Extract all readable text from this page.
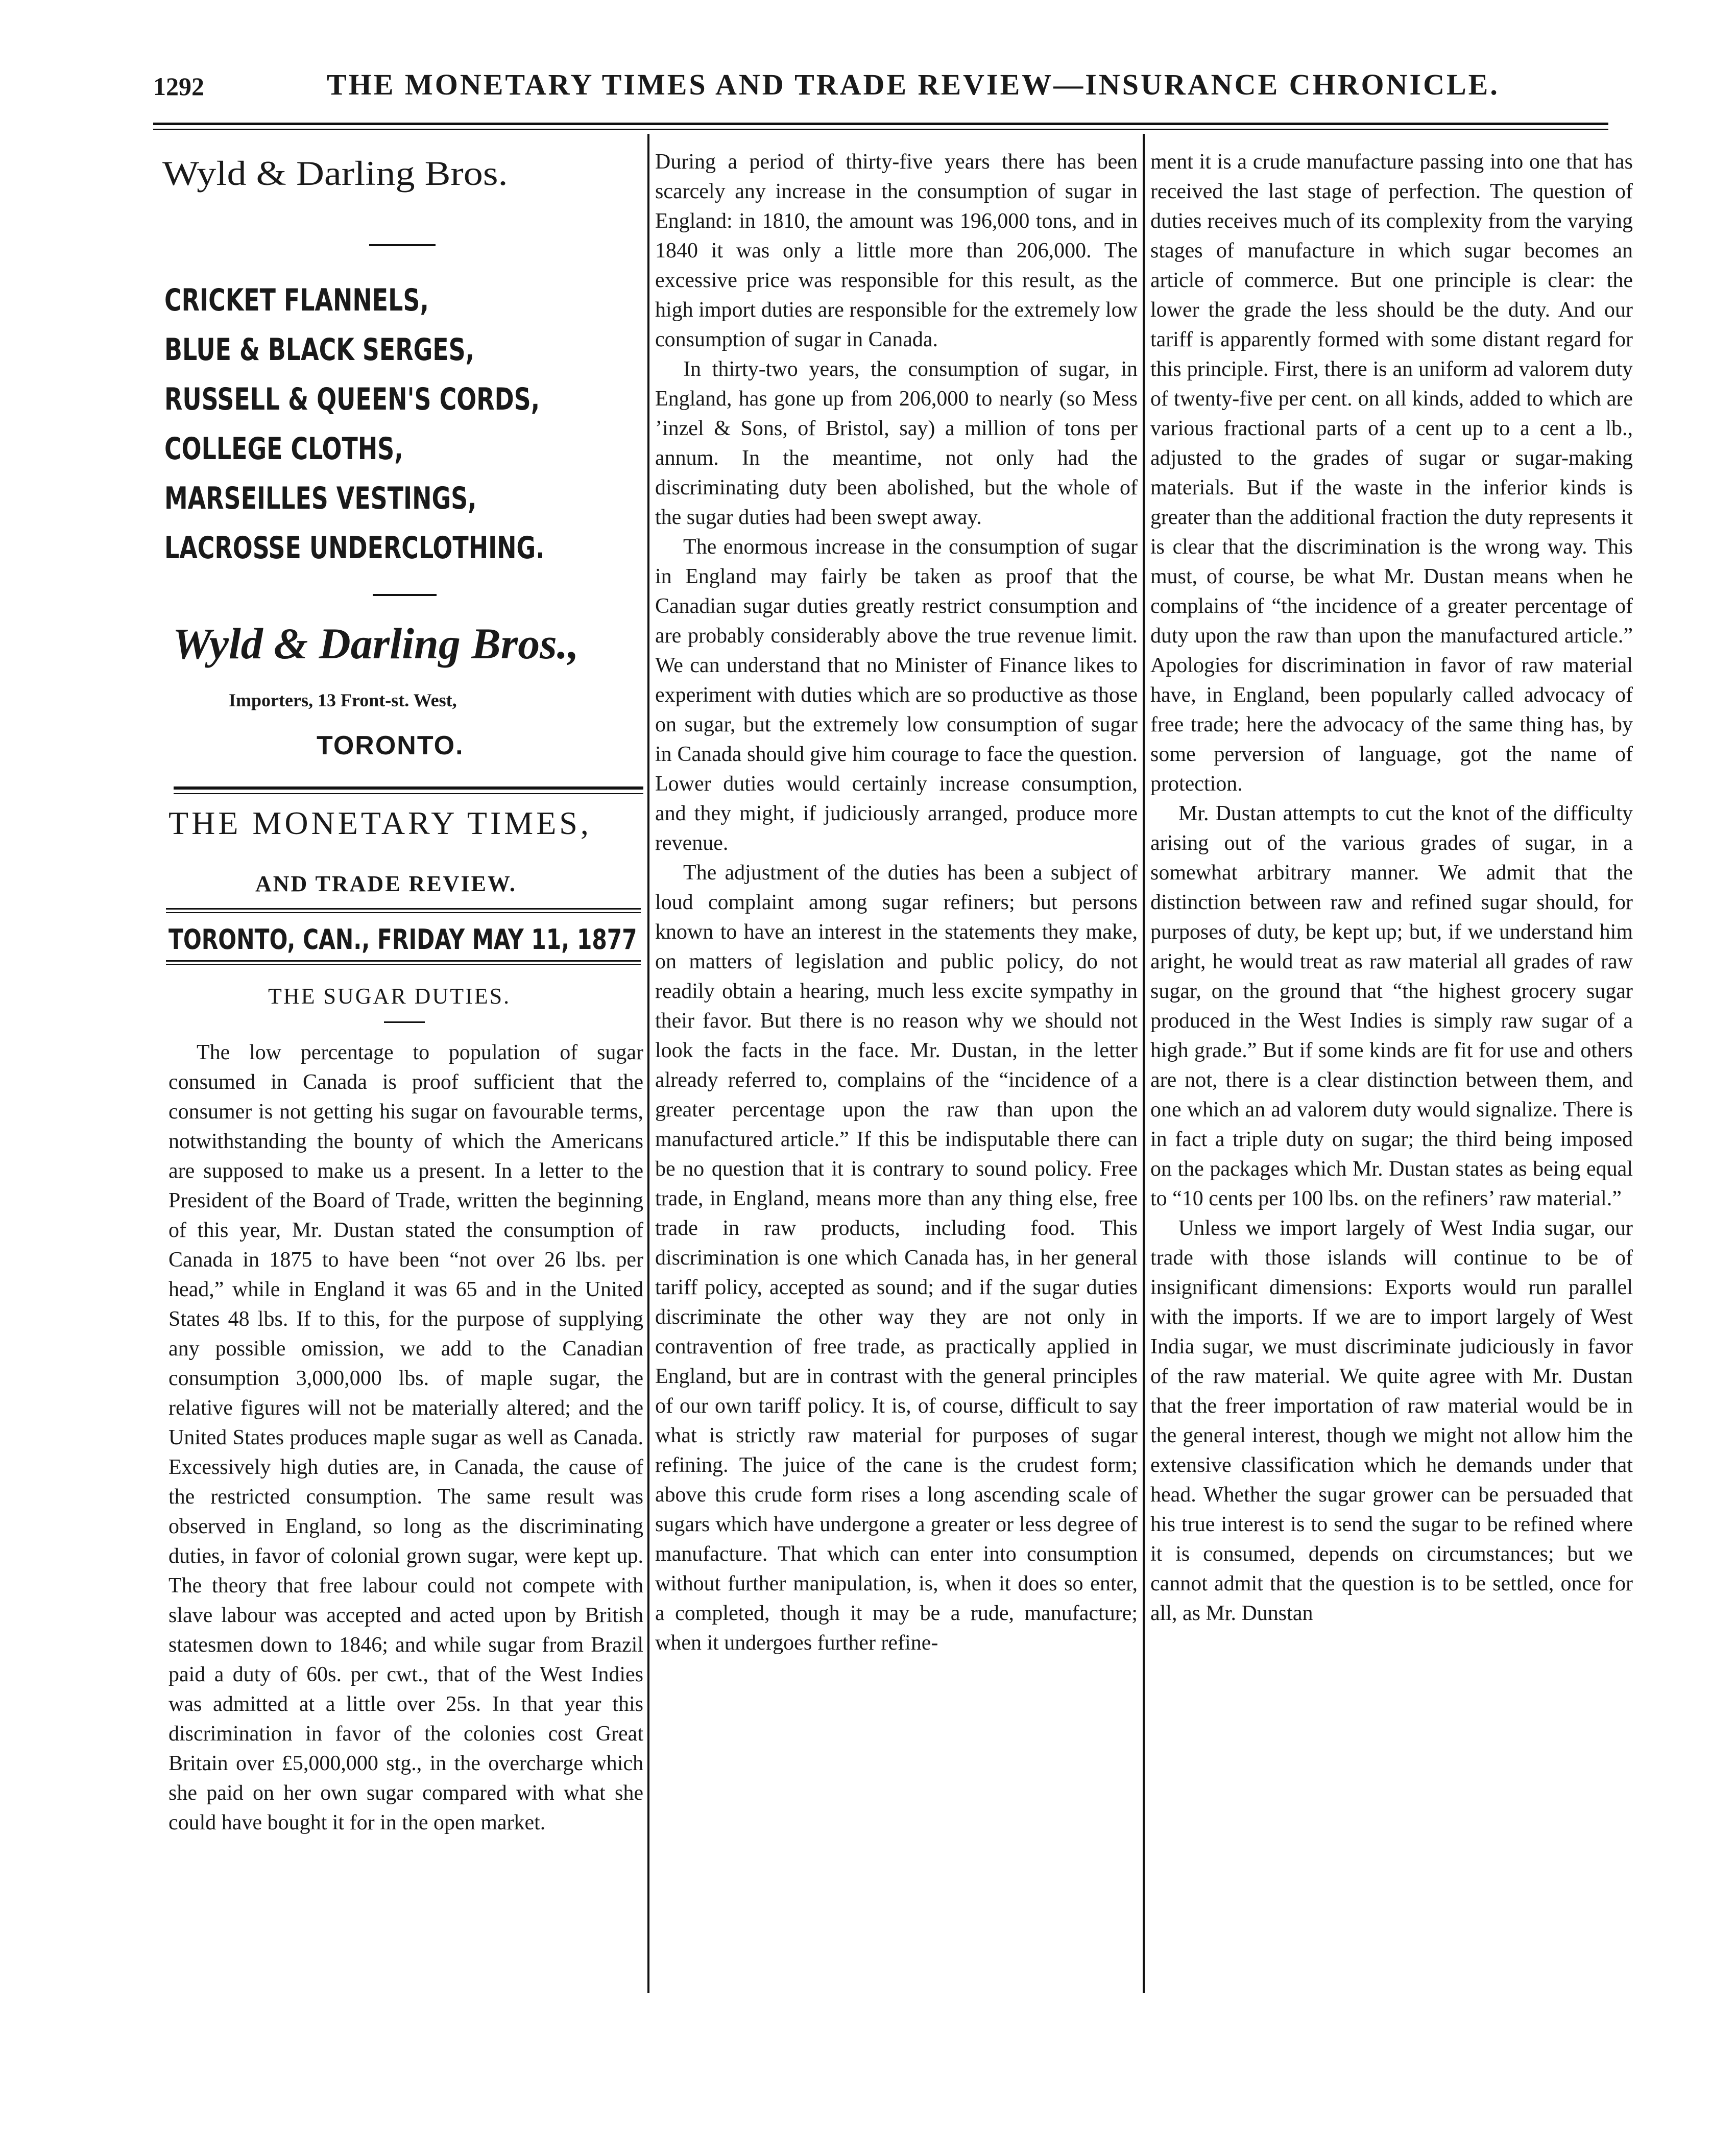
1292	THE MONETARY TIMES AND TRADE REVIEW—INSURANCE CHRONICLE.
Wyld & Darling Bros.
CRICKET FLANNELS,
BLUE & BLACK SERGES,
RUSSELL & QUEEN'S CORDS,
COLLEGE CLOTHS,
MARSEILLES VESTINGS,
LACROSSE UNDERCLOTHING.
Wyld & Darling Bros.,
Importers, 13 Front-st. West,
TORONTO.
THE MONETARY TIMES,
AND TRADE REVIEW.
TORONTO, CAN., FRIDAY MAY 11, 1877
THE SUGAR DUTIES.

The low percentage to population of sugar consumed in Canada is proof sufficient that the consumer is not getting his sugar on favourable terms, notwithstanding the bounty of which the Americans are supposed to make us a present. In a letter to the President of the Board of Trade, written the beginning of this year, Mr. Dustan stated the consumption of Canada in 1875 to have been “not over 26 lbs. per head,” while in England it was 65 and in the United States 48 lbs. If to this, for the purpose of supplying any possible omission, we add to the Canadian consumption 3,000,000 lbs. of maple sugar, the relative figures will not be materially altered; and the United States produces maple sugar as well as Canada. Excessively high duties are, in Canada, the cause of the restricted consumption. The same result was observed in England, so long as the discriminating duties, in favor of colonial grown sugar, were kept up. The theory that free labour could not compete with slave labour was accepted and acted upon by British statesmen down to 1846; and while sugar from Brazil paid a duty of 60s. per cwt., that of the West Indies was admitted at a little over 25s. In that year this discrimination in favor of the colonies cost Great Britain over £5,000,000 stg., in the overcharge which she paid on her own sugar compared with what she could have bought it for in the open market.

During a period of thirty-five years there has been scarcely any increase in the consumption of sugar in England: in 1810, the amount was 196,000 tons, and in 1840 it was only a little more than 206,000. The excessive price was responsible for this result, as the high import duties are responsible for the extremely low consumption of sugar in Canada.

In thirty-two years, the consumption of sugar, in England, has gone up from 206,000 to nearly (so Mess ’inzel & Sons, of Bristol, say) a million of tons per annum. In the meantime, not only had the discriminating duty been abolished, but the whole of the sugar duties had been swept away.

The enormous increase in the consumption of sugar in England may fairly be taken as proof that the Canadian sugar duties greatly restrict consumption and are probably considerably above the true revenue limit. We can understand that no Minister of Finance likes to experiment with duties which are so productive as those on sugar, but the extremely low consumption of sugar in Canada should give him courage to face the question. Lower duties would certainly increase consumption, and they might, if judiciously arranged, produce more revenue.

The adjustment of the duties has been a subject of loud complaint among sugar refiners; but persons known to have an interest in the statements they make, on matters of legislation and public policy, do not readily obtain a hearing, much less excite sympathy in their favor. But there is no reason why we should not look the facts in the face. Mr. Dustan, in the letter already referred to, complains of the “incidence of a greater percentage upon the raw than upon the manufactured article.” If this be indisputable there can be no question that it is contrary to sound policy. Free trade, in England, means more than any thing else, free trade in raw products, including food. This discrimination is one which Canada has, in her general tariff policy, accepted as sound; and if the sugar duties discriminate the other way they are not only in contravention of free trade, as practically applied in England, but are in contrast with the general principles of our own tariff policy. It is, of course, difficult to say what is strictly raw material for purposes of sugar refining. The juice of the cane is the crudest form; above this crude form rises a long ascending scale of sugars which have undergone a greater or less degree of manufacture. That which can enter into consumption without further manipulation, is, when it does so enter, a completed, though it may be a rude, manufacture; when it undergoes further refine-

ment it is a crude manufacture passing into one that has received the last stage of perfection. The question of duties receives much of its complexity from the varying stages of manufacture in which sugar becomes an article of commerce. But one principle is clear: the lower the grade the less should be the duty. And our tariff is apparently formed with some distant regard for this principle. First, there is an uniform ad valorem duty of twenty-five per cent. on all kinds, added to which are various fractional parts of a cent up to a cent a lb., adjusted to the grades of sugar or sugar-making materials. But if the waste in the inferior kinds is greater than the additional fraction the duty represents it is clear that the discrimination is the wrong way. This must, of course, be what Mr. Dustan means when he complains of “the incidence of a greater percentage of duty upon the raw than upon the manufactured article.” Apologies for discrimination in favor of raw material have, in England, been popularly called advocacy of free trade; here the advocacy of the same thing has, by some perversion of language, got the name of protection.

Mr. Dustan attempts to cut the knot of the difficulty arising out of the various grades of sugar, in a somewhat arbitrary manner. We admit that the distinction between raw and refined sugar should, for purposes of duty, be kept up; but, if we understand him aright, he would treat as raw material all grades of raw sugar, on the ground that “the highest grocery sugar produced in the West Indies is simply raw sugar of a high grade.” But if some kinds are fit for use and others are not, there is a clear distinction between them, and one which an ad valorem duty would signalize. There is in fact a triple duty on sugar; the third being imposed on the packages which Mr. Dustan states as being equal to “10 cents per 100 lbs. on the refiners’ raw material.”

Unless we import largely of West India sugar, our trade with those islands will continue to be of insignificant dimensions: Exports would run parallel with the imports. If we are to import largely of West India sugar, we must discriminate judiciously in favor of the raw material. We quite agree with Mr. Dustan that the freer importation of raw material would be in the general interest, though we might not allow him the extensive classification which he demands under that head. Whether the sugar grower can be persuaded that his true interest is to send the sugar to be refined where it is consumed, depends on circumstances; but we cannot admit that the question is to be settled, once for all, as Mr. Dunstan
